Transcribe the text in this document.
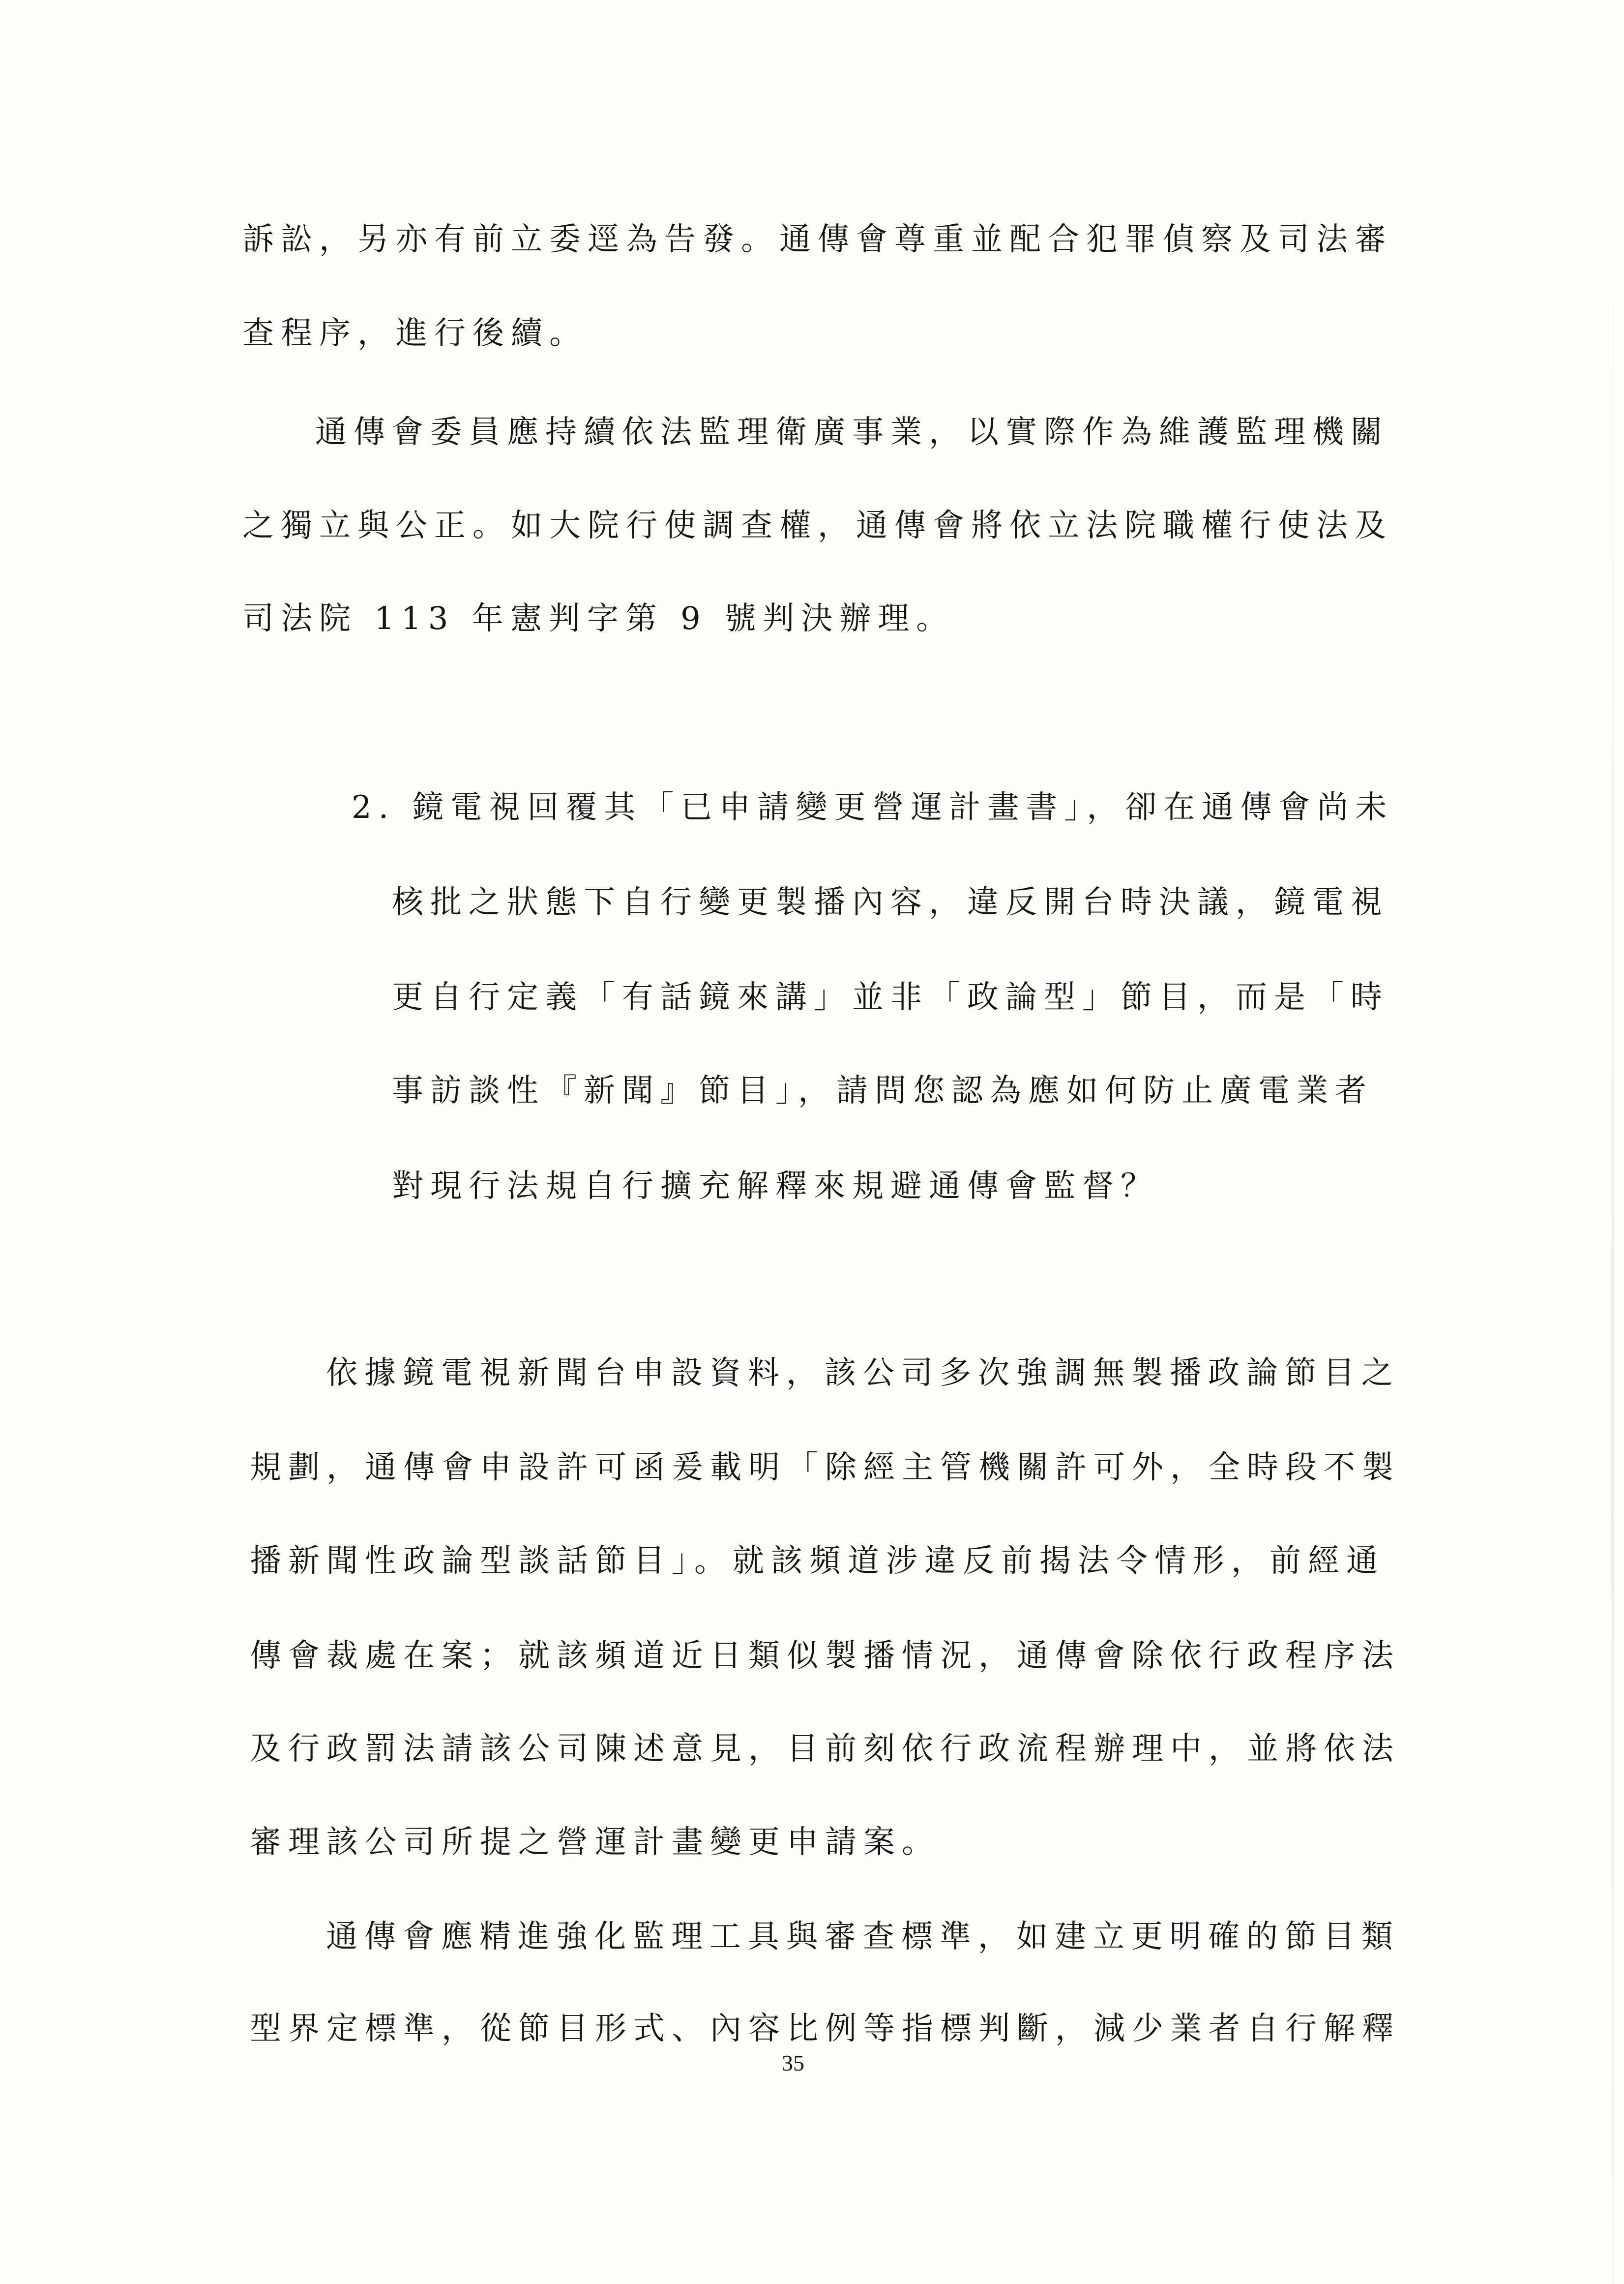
訴訟，另亦有前立委逕為告發。通傳會尊重並配合犯罪偵察及司法審
查程序，進行後續。
通傳會委員應持續依法監理衛廣事業，以實際作為維護監理機關
之獨立與公正。如大院行使調查權，通傳會將依立法院職權行使法及
司法院 113 年憲判字第 9 號判決辦理。
2. 鏡電視回覆其「已申請變更營運計畫書」，卻在通傳會尚未
核批之狀態下自行變更製播內容，違反開台時決議，鏡電視
更自行定義「有話鏡來講」並非「政論型」節目，而是「時
事訪談性『新聞』節目」，請問您認為應如何防止廣電業者
對現行法規自行擴充解釋來規避通傳會監督？
依據鏡電視新聞台申設資料，該公司多次強調無製播政論節目之
規劃，通傳會申設許可函爰載明「除經主管機關許可外，全時段不製
播新聞性政論型談話節目」。就該頻道涉違反前揭法令情形，前經通
傳會裁處在案；就該頻道近日類似製播情況，通傳會除依行政程序法
及行政罰法請該公司陳述意見，目前刻依行政流程辦理中，並將依法
審理該公司所提之營運計畫變更申請案。
通傳會應精進強化監理工具與審查標準，如建立更明確的節目類
型界定標準，從節目形式、內容比例等指標判斷，減少業者自行解釋
35
